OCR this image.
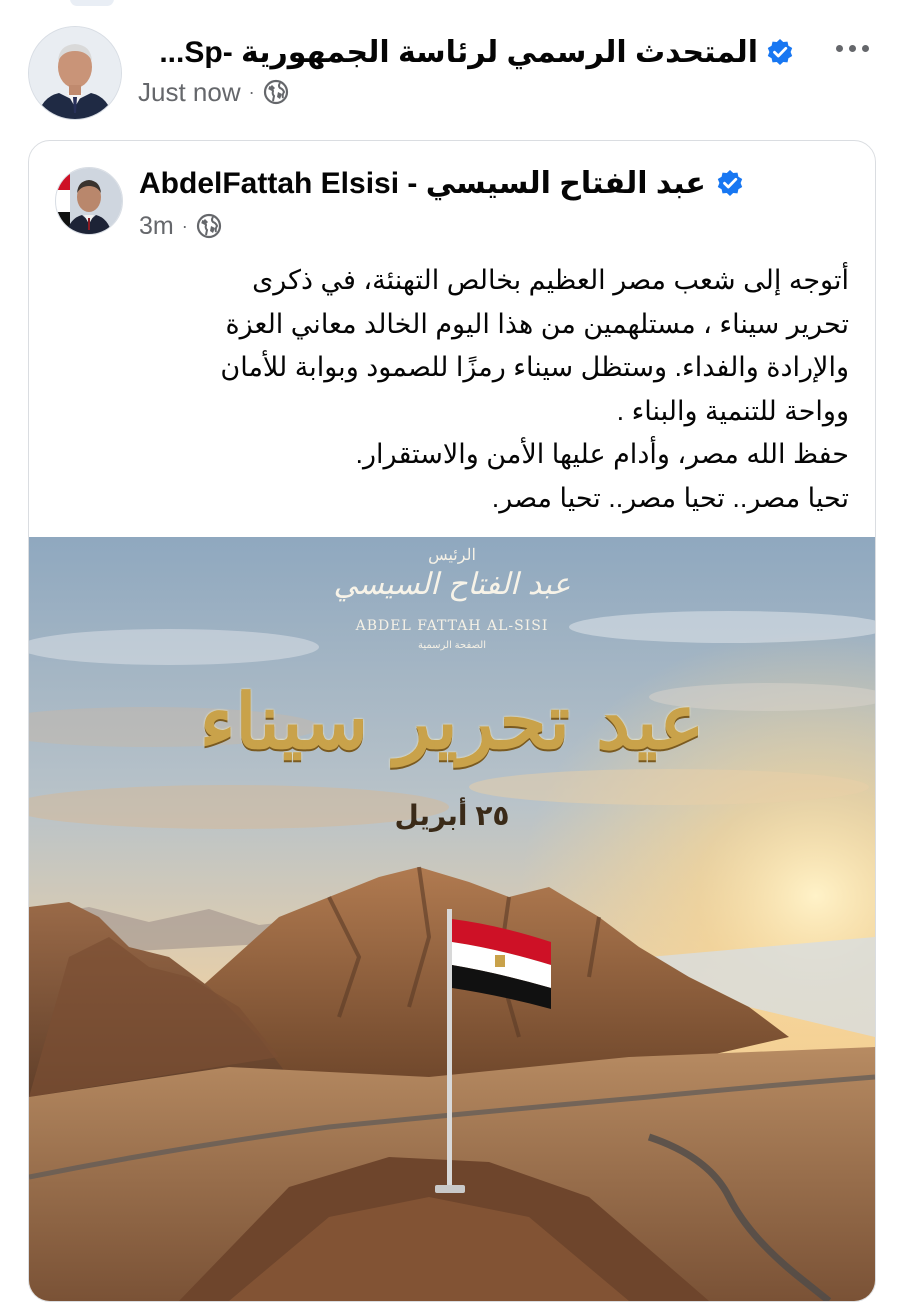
المتحدث الرسمي لرئاسة الجمهورية -Sp...
Just now ·
AbdelFattah Elsisi - عبد الفتاح السيسي
3m ·

أتوجه إلى شعب مصر العظيم بخالص التهنئة، في ذكرى

تحرير سيناء ، مستلهمين من هذا اليوم الخالد معاني العزة

والإرادة والفداء. وستظل سيناء رمزًا للصمود وبوابة للأمان

وواحة للتنمية والبناء .

حفظ الله مصر، وأدام عليها الأمن والاستقرار.

تحيا مصر.. تحيا مصر.. تحيا مصر.

الرئيس
عبد الفتاح السيسي
ABDEL FATTAH AL-SISI
الصفحة الرسمية
عيد تحرير سيناء
٢٥ أبريل
